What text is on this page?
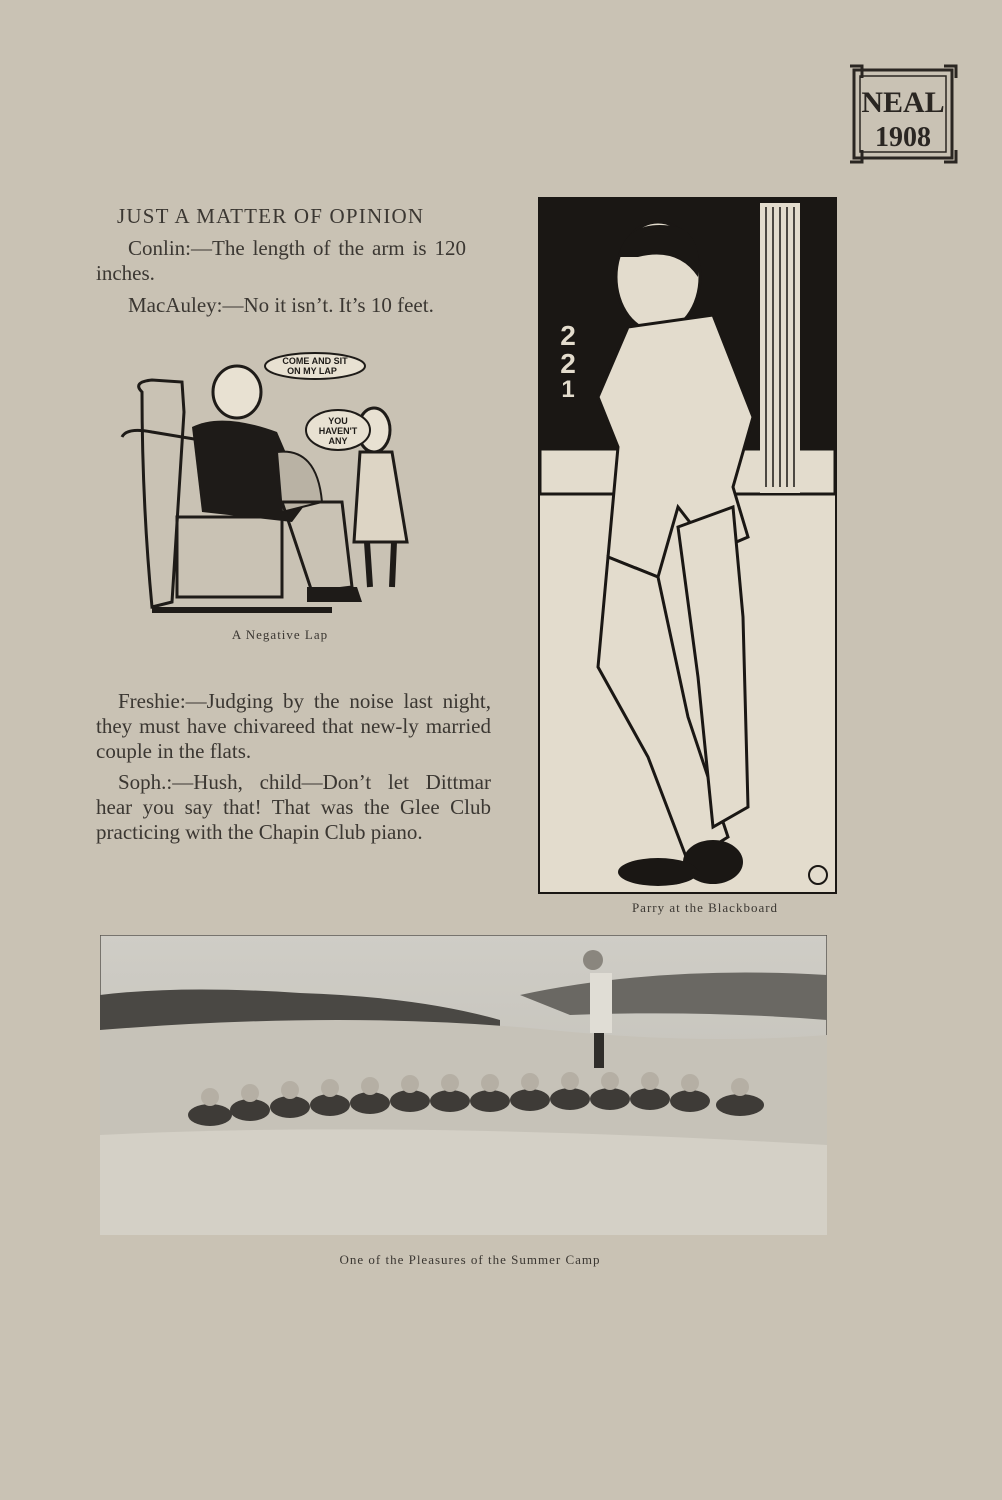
NEAL
1908
JUST A MATTER OF OPINION
Conlin:—The length of the arm is 120 inches.
MacAuley:—No it isn’t. It’s 10 feet.
COME AND SIT
ON MY LAP
YOU
HAVEN'T
ANY
A Negative Lap
Freshie:—Judging by the noise last night, they must have chivareed that new-ly married couple in the flats.
Soph.:—Hush, child—Don’t let Dittmar hear you say that! That was the Glee Club practicing with the Chapin Club piano.
2
2
1
Parry at the Blackboard
One of the Pleasures of the Summer Camp
